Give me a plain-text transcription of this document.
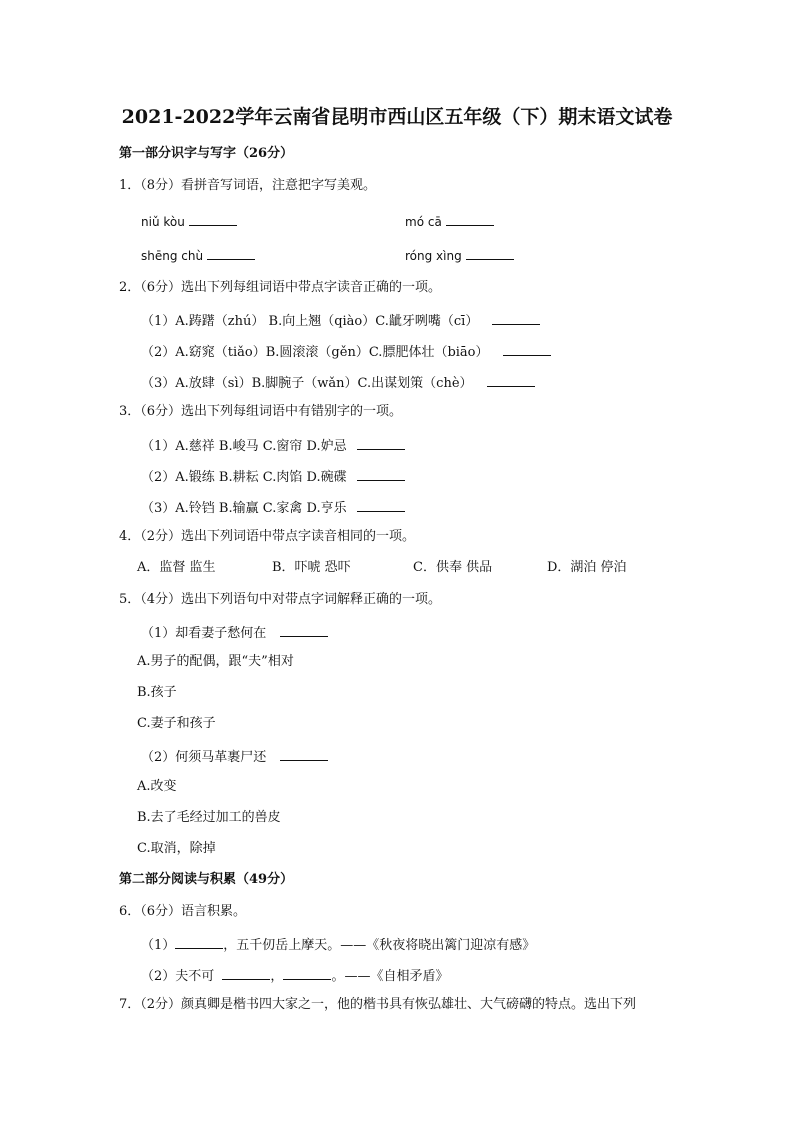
2021-2022学年云南省昆明市西山区五年级（下）期末语文试卷
第一部分识字与写字（26分）
1．（8分）看拼音写词语，注意把字写美观。
niǔ kòu	mó cā
shēng chù	róng xìng
2．（6分）选出下列每组词语中带点字读音正确的一项。
（1）A.踌躇（zhú） B.向上翘（qiào）C.龇牙咧嘴（cī）
（2）A.窈窕（tiǎo）B.圆滚滚（gěn）C.膘肥体壮（biāo）
（3）A.放肆（sì）B.脚腕子（wǎn）C.出谋划策（chè）
3．（6分）选出下列每组词语中有错别字的一项。
（1）A.慈祥 B.峻马 C.窗帘 D.妒忌
（2）A.锻练 B.耕耘 C.肉馅 D.碗碟
（3）A.铃铛 B.输赢 C.家禽 D.亨乐
4．（2分）选出下列词语中带点字读音相同的一项。
A．监督 监生	B．吓唬 恐吓	C．供奉 供品	D．湖泊 停泊
5．（4分）选出下列语句中对带点字词解释正确的一项。
（1）却看妻子愁何在
A.男子的配偶，跟“夫”相对
B.孩子
C.妻子和孩子
（2）何须马革裹尸还
A.改变
B.去了毛经过加工的兽皮
C.取消，除掉
第二部分阅读与积累（49分）
6．（6分）语言积累。
（1）	，五千仞岳上摩天。——《秋夜将晓出篱门迎凉有感》
（2）夫不可	，	。——《自相矛盾》
7．（2分）颜真卿是楷书四大家之一，他的楷书具有恢弘雄壮、大气磅礴的特点。选出下列
